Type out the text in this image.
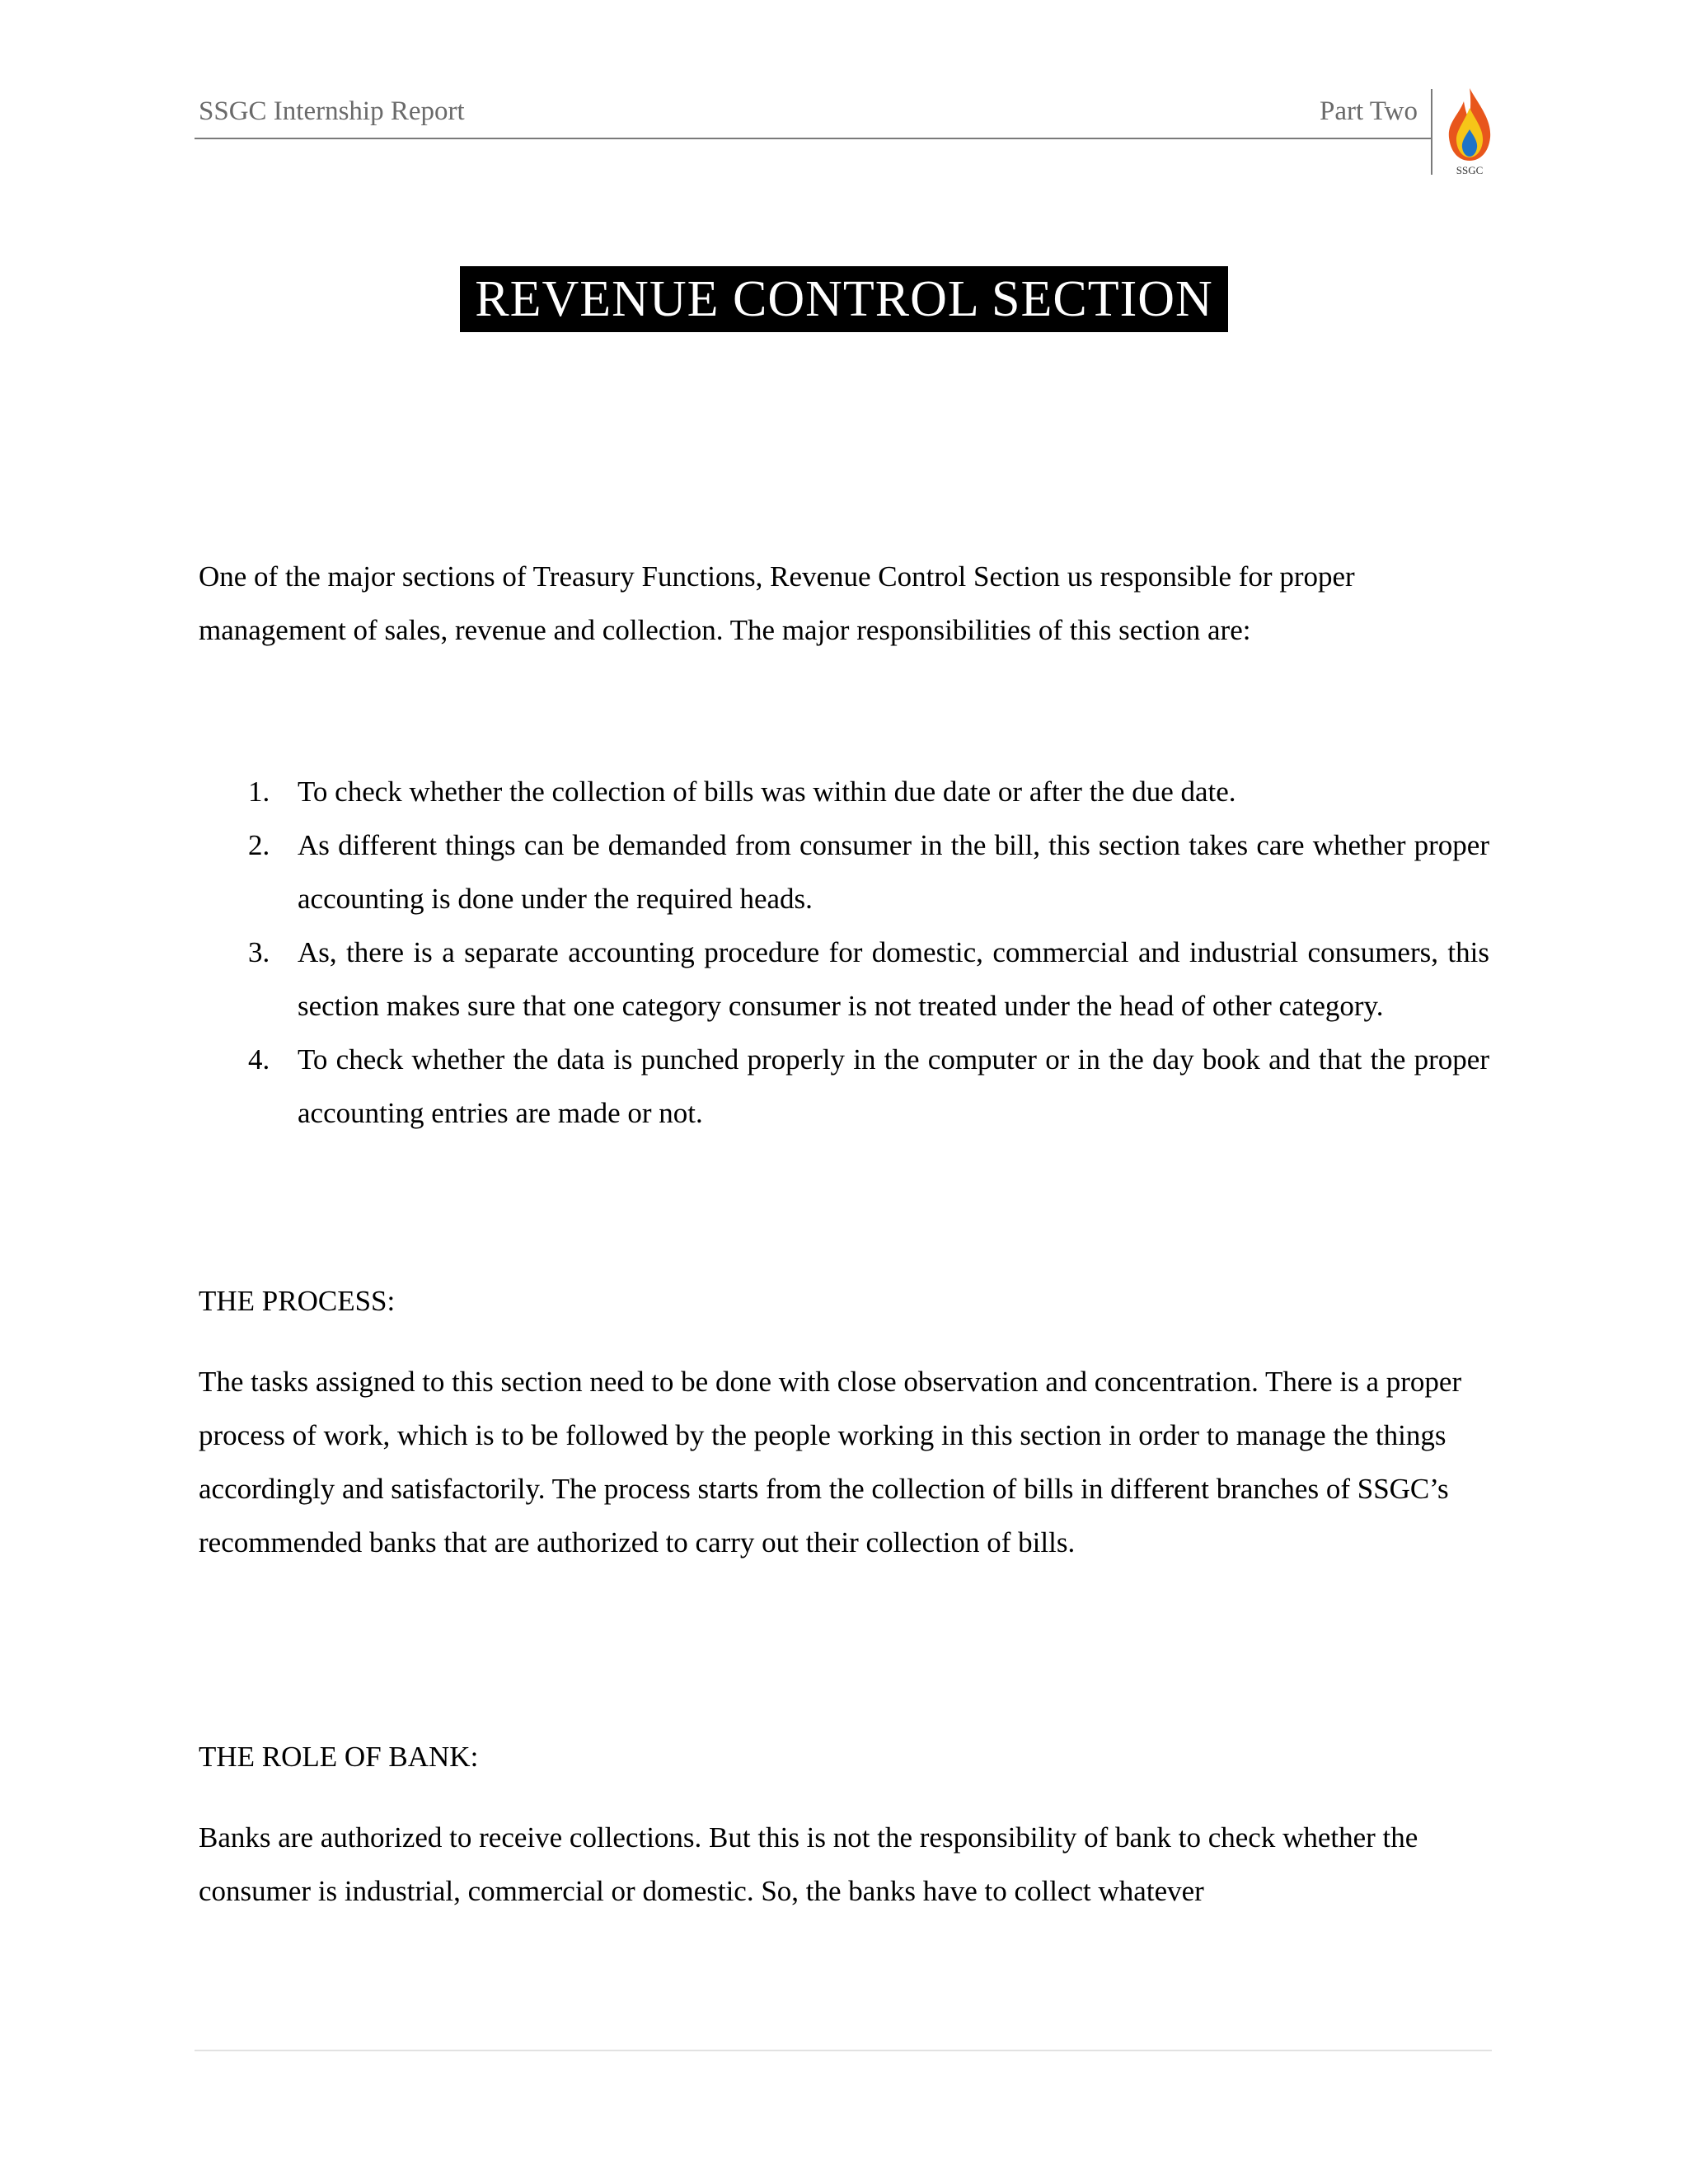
SSGC Internship Report	Part Two
SSGC
REVENUE CONTROL SECTION
One of the major sections of Treasury Functions, Revenue Control Section us responsible for proper management of sales, revenue and collection. The major responsibilities of this section are:
1. To check whether the collection of bills was within due date or after the due date.
2. As different things can be demanded from consumer in the bill, this section takes care whether proper accounting is done under the required heads.
3. As, there is a separate accounting procedure for domestic, commercial and industrial consumers, this section makes sure that one category consumer is not treated under the head of other category.
4. To check whether the data is punched properly in the computer or in the day book and that the proper accounting entries are made or not.
THE PROCESS:
The tasks assigned to this section need to be done with close observation and concentration. There is a proper process of work, which is to be followed by the people working in this section in order to manage the things accordingly and satisfactorily. The process starts from the collection of bills in different branches of SSGC’s recommended banks that are authorized to carry out their collection of bills.
THE ROLE OF BANK:
Banks are authorized to receive collections. But this is not the responsibility of bank to check whether the consumer is industrial, commercial or domestic. So, the banks have to collect whatever
